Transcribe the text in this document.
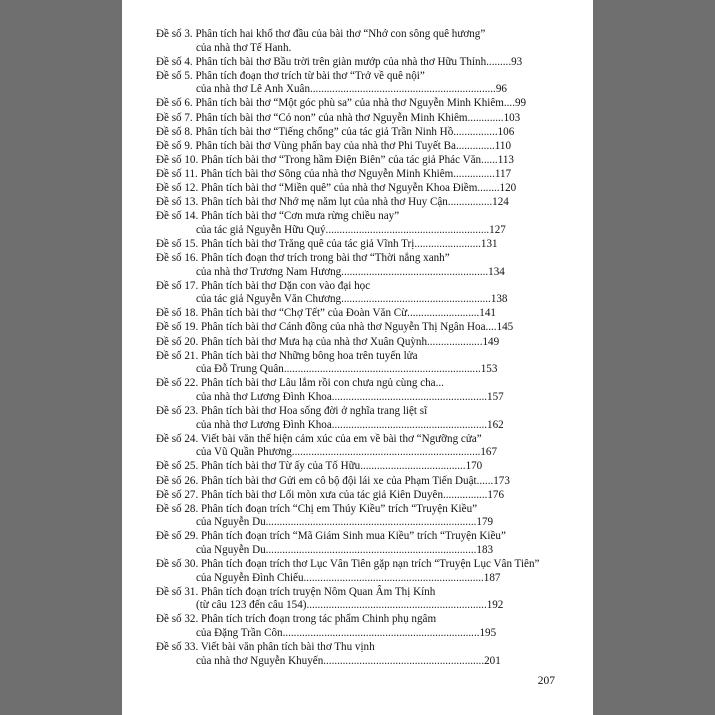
Đề số 3. Phân tích hai khổ thơ đầu của bài thơ “Nhớ con sông quê hương”
của nhà thơ Tế Hanh.

Đề số 4. Phân tích bài thơ Bầu trời trên giàn mướp của nhà thơ Hữu Thỉnh.........93

Đề số 5. Phân tích đoạn thơ trích từ bài thơ “Trở về quê nội”
của nhà thơ Lê Anh Xuân...................................................................96

Đề số 6. Phân tích bài thơ “Một góc phù sa” của nhà thơ Nguyễn Minh Khiêm....99

Đề số 7. Phân tích bài thơ “Cỏ non” của nhà thơ Nguyễn Minh Khiêm.............103

Đề số 8. Phân tích bài thơ “Tiếng chổng” của tác giả Trần Ninh Hồ................106

Đề số 9. Phân tích bài thơ Vùng phấn bay của nhà thơ Phi Tuyết Ba..............110

Đề số 10. Phân tích bài thơ “Trong hầm Điện Biên” của tác giả Phác Văn......113

Đề số 11. Phân tích bài thơ Sông của nhà thơ Nguyễn Minh Khiêm...............117

Đề số 12. Phân tích bài thơ “Miền quê” của nhà thơ Nguyễn Khoa Điềm........120

Đề số 13. Phân tích bài thơ Nhớ mẹ năm lụt của nhà thơ Huy Cận................124

Đề số 14. Phân tích bài thơ “Cơn mưa rừng chiều nay”
của tác giả Nguyễn Hữu Quý...........................................................127

Đề số 15. Phân tích bài thơ Trăng quê của tác giả Vĩnh Trị........................131

Đề số 16. Phân tích đoạn thơ trích trong bài thơ “Thời nắng xanh”
của nhà thơ Trương Nam Hương.....................................................134

Đề số 17. Phân tích bài thơ Dặn con vào đại học
của tác giả Nguyễn Văn Chương......................................................138

Đề số 18. Phân tích bài thơ “Chợ Tết” của Đoàn Văn Cừ..........................141

Đề số 19. Phân tích bài thơ Cánh đồng của nhà thơ Nguyễn Thị Ngân Hoa....145

Đề số 20. Phân tích bài thơ Mưa hạ của nhà thơ Xuân Quỳnh....................149

Đề số 21. Phân tích bài thơ Những bông hoa trên tuyến lửa
của Đỗ Trung Quân.......................................................................153

Đề số 22. Phân tích bài thơ Lâu lắm rồi con chưa ngủ cùng cha...
của nhà thơ Lương Đình Khoa........................................................157

Đề số 23. Phân tích bài thơ Hoa sống đời ở nghĩa trang liệt sĩ
của nhà thơ Lương Đình Khoa........................................................162

Đề số 24. Viết bài văn thể hiện cảm xúc của em về bài thơ “Ngưỡng cửa”
của Vũ Quần Phương....................................................................167

Đề số 25. Phân tích bài thơ Từ ấy của Tố Hữu......................................170

Đề số 26. Phân tích bài thơ Gửi em cô bộ đội lái xe của Phạm Tiến Duật......173

Đề số 27. Phân tích bài thơ Lối mòn xưa của tác giả Kiên Duyên................176

Đề số 28. Phân tích đoạn trích “Chị em Thúy Kiều” trích “Truyện Kiều”
của Nguyễn Du............................................................................179

Đề số 29. Phân tích đoạn trích “Mã Giám Sinh mua Kiều” trích “Truyện Kiều”
của Nguyễn Du............................................................................183

Đề số 30. Phân tích đoạn trích thơ Lục Vân Tiên gặp nạn trích “Truyện Lục Vân Tiên”
của Nguyễn Đình Chiểu.................................................................187

Đề số 31. Phân tích đoạn trích truyện Nôm Quan Âm Thị Kính
(từ câu 123 đến câu 154).................................................................192

Đề số 32. Phân tích trích đoạn trong tác phẩm Chinh phụ ngâm
của Đặng Trần Côn.......................................................................195

Đề số 33. Viết bài văn phân tích bài thơ Thu vịnh
của nhà thơ Nguyễn Khuyến..........................................................201

207
